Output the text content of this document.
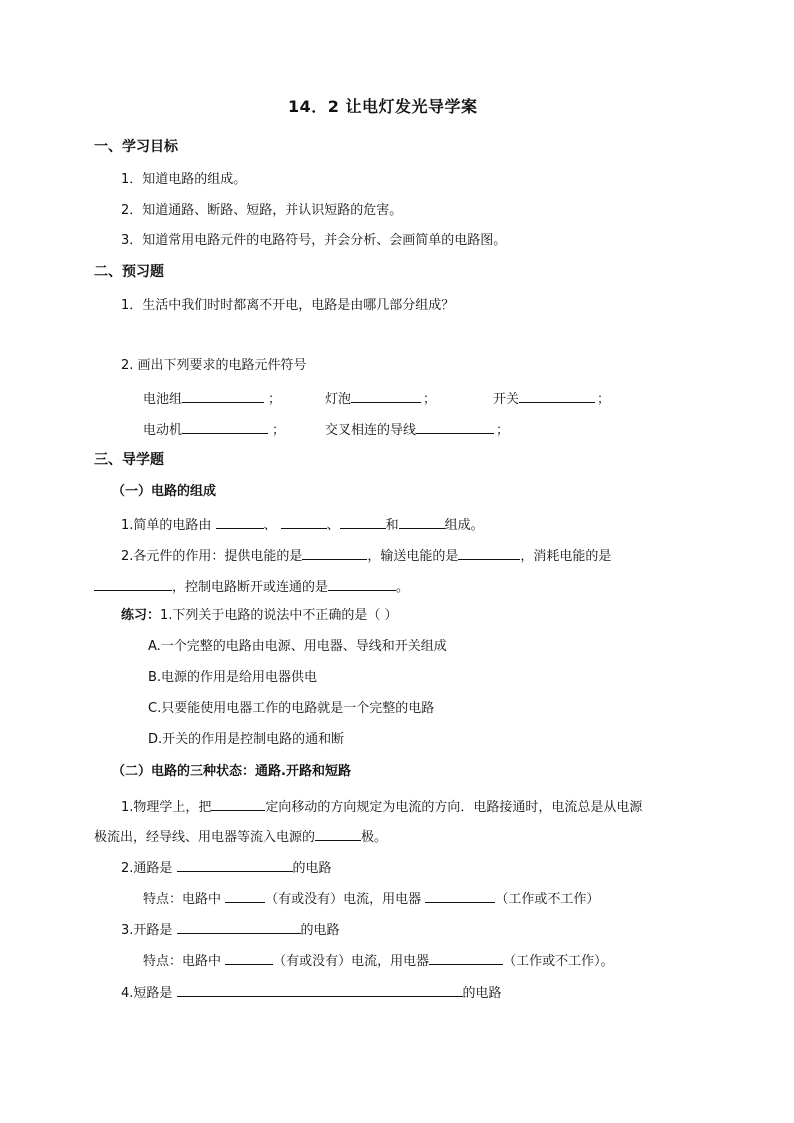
14．2 让电灯发光导学案
一、学习目标
1．知道电路的组成。
2．知道通路、断路、短路，并认识短路的危害。
3．知道常用电路元件的电路符号，并会分析、会画简单的电路图。
二、预习题
1．生活中我们时时都离不开电，电路是由哪几部分组成？
2. 画出下列要求的电路元件符号
电池组	；	灯泡	；	开关	；
电动机	；	交叉相连的导线	；
三、导学题
（一）电路的组成
1.简单的电路由	、	、	和	组成。
2.各元件的作用：提供电能的是	，输送电能的是	，消耗电能的是
，控制电路断开或连通的是	。
练习：1.下列关于电路的说法中不正确的是（ ）
A.一个完整的电路由电源、用电器、导线和开关组成
B.电源的作用是给用电器供电
C.只要能使用电器工作的电路就是一个完整的电路
D.开关的作用是控制电路的通和断
（二）电路的三种状态：通路.开路和短路
1.物理学上，把	定向移动的方向规定为电流的方向．电路接通时，电流总是从电源
极流出，经导线、用电器等流入电源的	极。
2.通路是	的电路
特点：电路中	（有或没有）电流，用电器	（工作或不工作）
3.开路是	的电路
特点：电路中	（有或没有）电流，用电器	（工作或不工作）。
4.短路是	的电路
